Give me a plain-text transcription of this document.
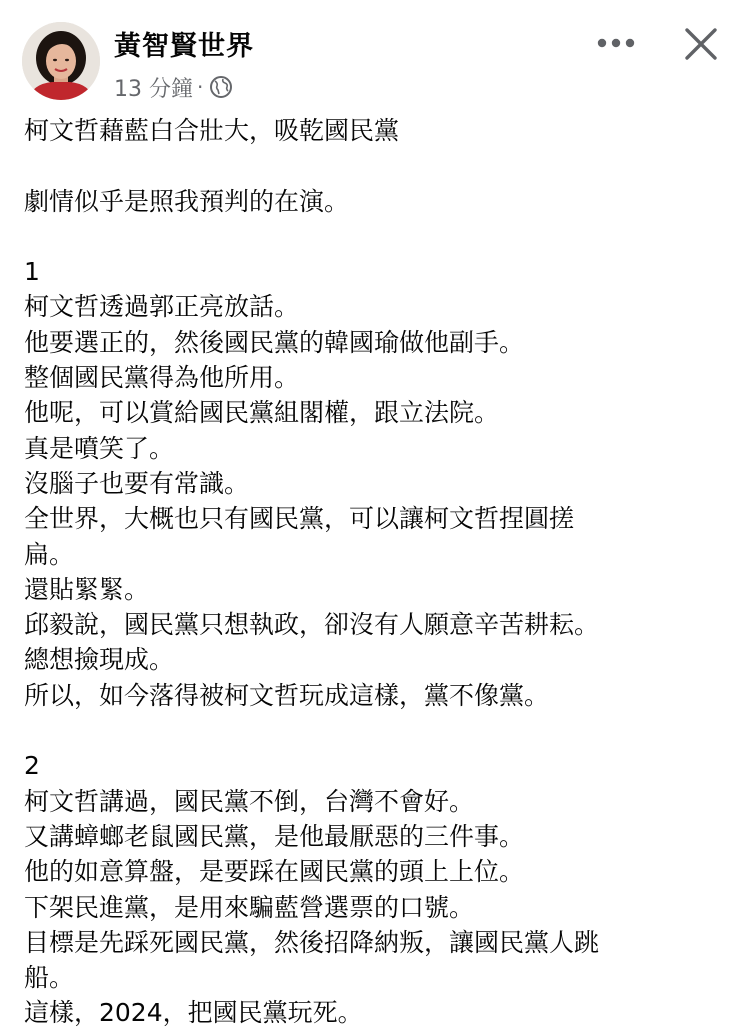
黃智賢世界
13 分鐘 ·
柯文哲藉藍白合壯大，吸乾國民黨
劇情似乎是照我預判的在演。
1
柯文哲透過郭正亮放話。
他要選正的，然後國民黨的韓國瑜做他副手。
整個國民黨得為他所用。
他呢，可以賞給國民黨組閣權，跟立法院。
真是噴笑了。
沒腦子也要有常識。
全世界，大概也只有國民黨，可以讓柯文哲捏圓搓
扁。
還貼緊緊。
邱毅說，國民黨只想執政，卻沒有人願意辛苦耕耘。
總想撿現成。
所以，如今落得被柯文哲玩成這樣，黨不像黨。
2
柯文哲講過，國民黨不倒，台灣不會好。
又講蟑螂老鼠國民黨，是他最厭惡的三件事。
他的如意算盤，是要踩在國民黨的頭上上位。
下架民進黨，是用來騙藍營選票的口號。
目標是先踩死國民黨，然後招降納叛，讓國民黨人跳
船。
這樣，2024，把國民黨玩死。
